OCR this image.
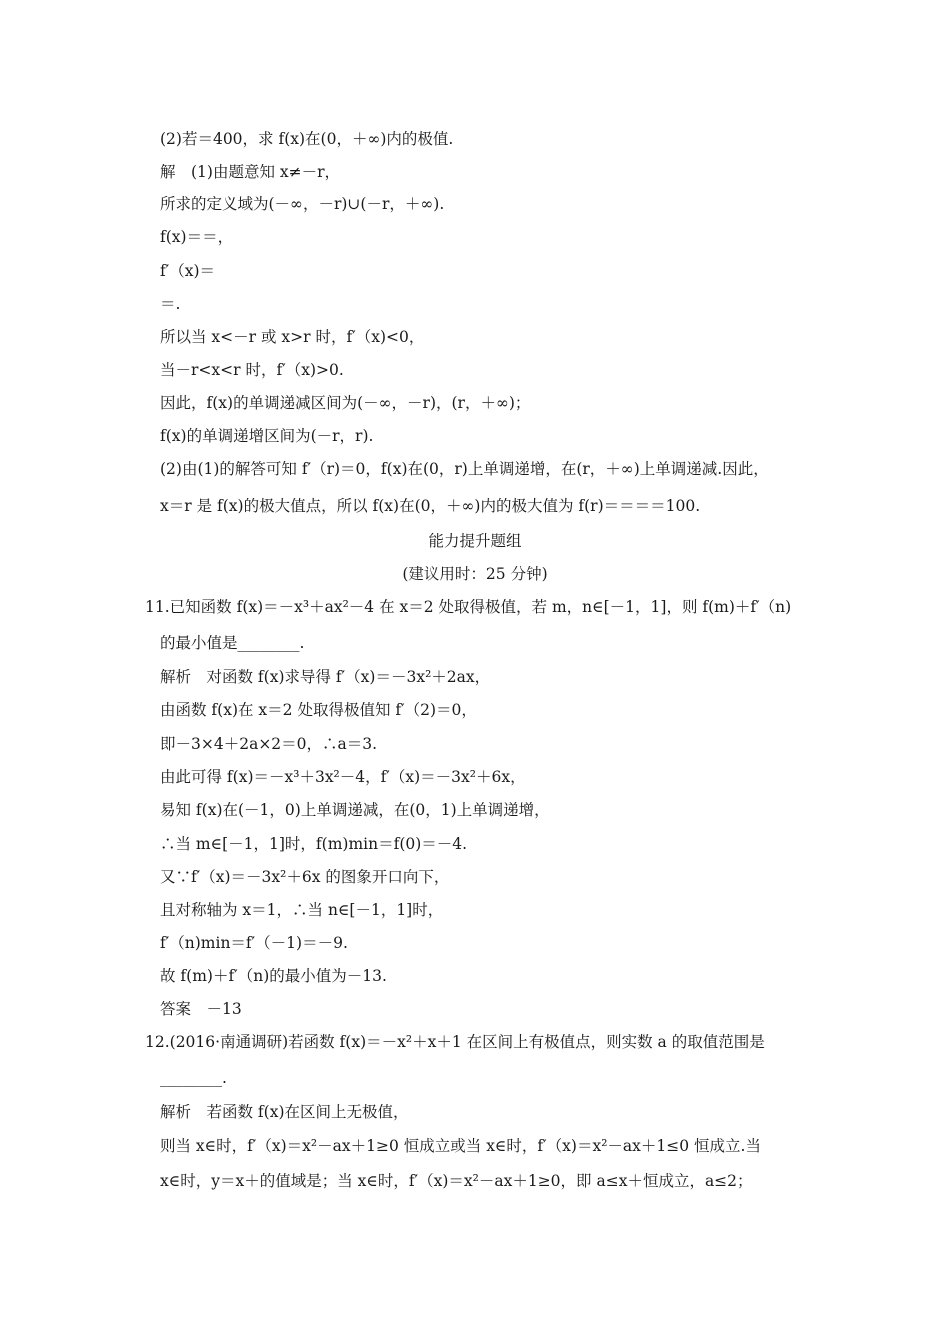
(2)若＝400，求 f(x)在(0，＋∞)内的极值.
解　(1)由题意知 x≠－r，
所求的定义域为(－∞，－r)∪(－r，＋∞).
f(x)＝＝，
f′（x)＝
＝.
所以当 x<－r 或 x>r 时，f′（x)<0，
当－r<x<r 时，f′（x)>0.
因此，f(x)的单调递减区间为(－∞，－r)，(r，＋∞)；
f(x)的单调递增区间为(－r，r).
(2)由(1)的解答可知 f′（r)＝0，f(x)在(0，r)上单调递增，在(r，＋∞)上单调递减.因此，
x＝r 是 f(x)的极大值点，所以 f(x)在(0，＋∞)内的极大值为 f(r)＝＝＝＝100.
能力提升题组
(建议用时：25 分钟)
11.已知函数 f(x)＝－x³＋ax²－4 在 x＝2 处取得极值，若 m，n∈[－1，1]，则 f(m)＋f′（n)
的最小值是________.
解析　对函数 f(x)求导得 f′（x)＝－3x²＋2ax，
由函数 f(x)在 x＝2 处取得极值知 f′（2)＝0，
即－3×4＋2a×2＝0，∴a＝3.
由此可得 f(x)＝－x³＋3x²－4，f′（x)＝－3x²＋6x，
易知 f(x)在(－1，0)上单调递减，在(0，1)上单调递增，
∴当 m∈[－1，1]时，f(m)min＝f(0)＝－4.
又∵f′（x)＝－3x²＋6x 的图象开口向下，
且对称轴为 x＝1，∴当 n∈[－1，1]时，
f′（n)min＝f′（－1)＝－9.
故 f(m)＋f′（n)的最小值为－13.
答案　－13
12.(2016·南通调研)若函数 f(x)＝－x²＋x＋1 在区间上有极值点，则实数 a 的取值范围是
________.
解析　若函数 f(x)在区间上无极值，
则当 x∈时，f′（x)＝x²－ax＋1≥0 恒成立或当 x∈时，f′（x)＝x²－ax＋1≤0 恒成立.当
x∈时，y＝x＋的值域是；当 x∈时，f′（x)＝x²－ax＋1≥0，即 a≤x＋恒成立，a≤2；
